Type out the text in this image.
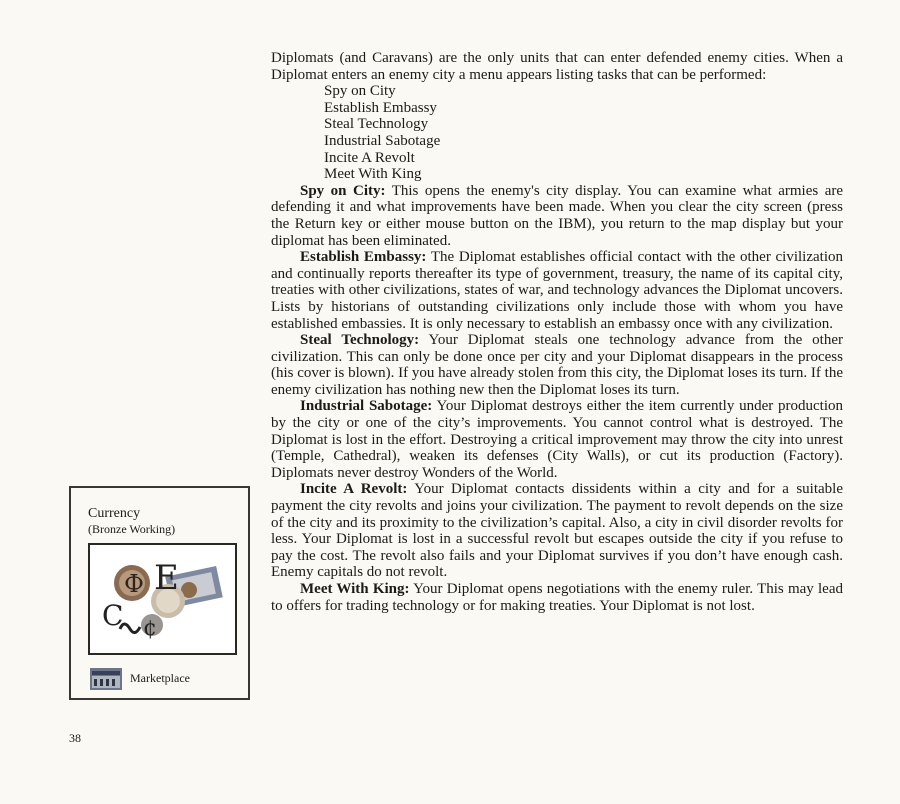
Diplomats (and Caravans) are the only units that can enter defended enemy cities. When a Diplomat enters an enemy city a menu appears listing tasks that can be performed:

Spy on City
Establish Embassy
Steal Technology
Industrial Sabotage
Incite A Revolt
Meet With King

Spy on City: This opens the enemy's city display. You can examine what armies are defending it and what improvements have been made. When you clear the city screen (press the Return key or either mouse button on the IBM), you return to the map display but your diplomat has been eliminated.

Establish Embassy: The Diplomat establishes official contact with the other civilization and continually reports thereafter its type of government, treasury, the name of its capital city, treaties with other civilizations, states of war, and technology advances the Diplomat uncovers. Lists by historians of outstanding civilizations only include those with whom you have established embassies. It is only necessary to establish an embassy once with any civilization.

Steal Technology: Your Diplomat steals one technology advance from the other civilization. This can only be done once per city and your Diplomat disappears in the process (his cover is blown). If you have already stolen from this city, the Diplomat loses its turn. If the enemy civilization has nothing new then the Diplomat loses its turn.

Industrial Sabotage: Your Diplomat destroys either the item currently under production by the city or one of the city’s improvements. You cannot control what is destroyed. The Diplomat is lost in the effort. Destroying a critical improvement may throw the city into unrest (Temple, Cathedral), weaken its defenses (City Walls), or cut its production (Factory). Diplomats never destroy Wonders of the World.

Incite A Revolt: Your Diplomat contacts dissidents within a city and for a suitable payment the city revolts and joins your civilization. The payment to revolt depends on the size of the city and its proximity to the civilization’s capital. Also, a city in civil disorder revolts for less. Your Diplomat is lost in a successful revolt but escapes outside the city if you refuse to pay the cost. The revolt also fails and your Diplomat survives if you don’t have enough cash. Enemy capitals do not revolt.

Meet With King: Your Diplomat opens negotiations with the enemy ruler. This may lead to offers for trading technology or for making treaties. Your Diplomat is not lost.

Currency
(Bronze Working)
Ф E
C ¢
Marketplace
38
